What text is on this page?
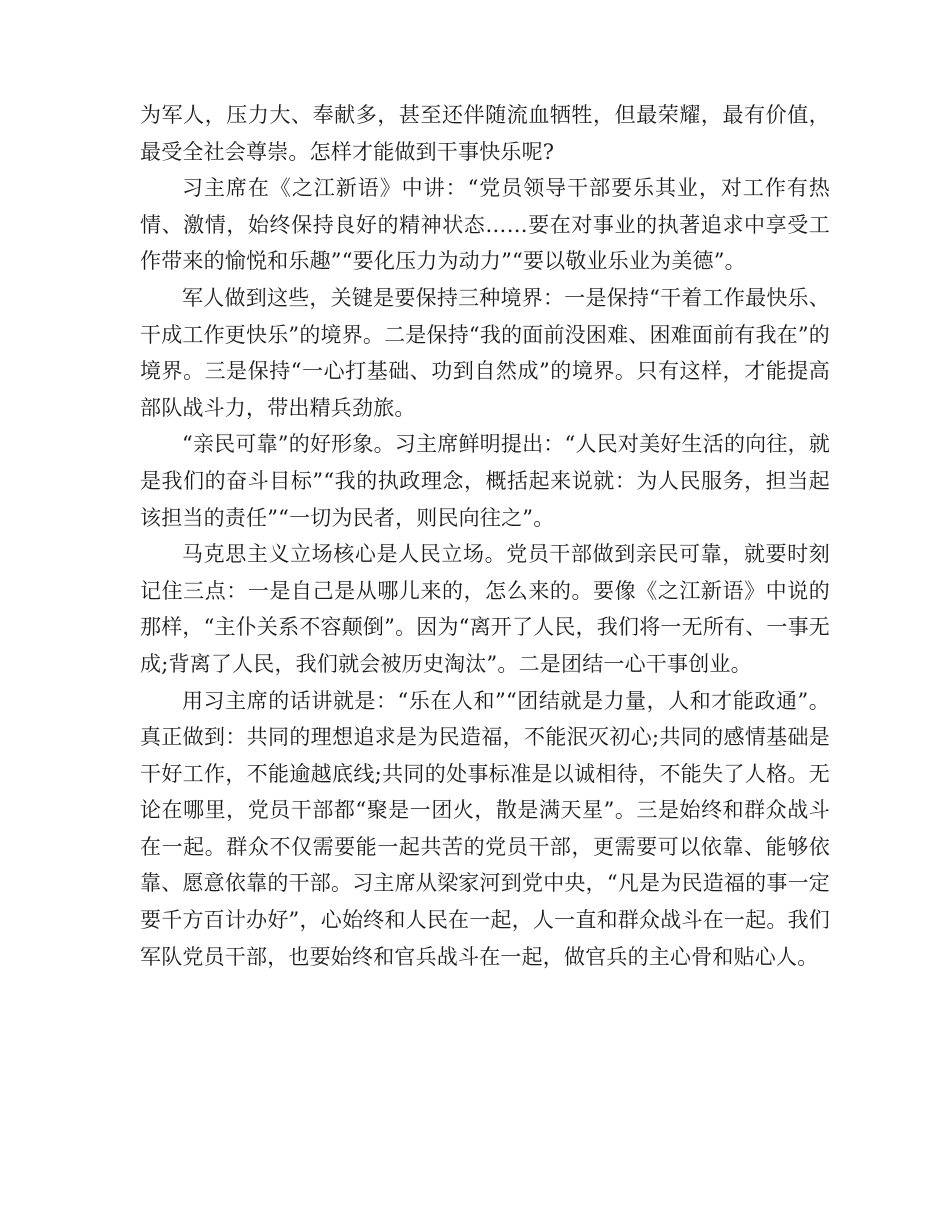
为军人，压力大、奉献多，甚至还伴随流血牺牲，但最荣耀，最有价值，最受全社会尊崇。怎样才能做到干事快乐呢?

习主席在《之江新语》中讲：“党员领导干部要乐其业，对工作有热情、激情，始终保持良好的精神状态……要在对事业的执著追求中享受工作带来的愉悦和乐趣”“要化压力为动力”“要以敬业乐业为美德”。

军人做到这些，关键是要保持三种境界：一是保持“干着工作最快乐、干成工作更快乐”的境界。二是保持“我的面前没困难、困难面前有我在”的境界。三是保持“一心打基础、功到自然成”的境界。只有这样，才能提高部队战斗力，带出精兵劲旅。

“亲民可靠”的好形象。习主席鲜明提出：“人民对美好生活的向往，就是我们的奋斗目标”“我的执政理念，概括起来说就：为人民服务，担当起该担当的责任”“一切为民者，则民向往之”。

马克思主义立场核心是人民立场。党员干部做到亲民可靠，就要时刻记住三点：一是自己是从哪儿来的，怎么来的。要像《之江新语》中说的那样，“主仆关系不容颠倒”。因为“离开了人民，我们将一无所有、一事无成;背离了人民，我们就会被历史淘汰”。二是团结一心干事创业。

用习主席的话讲就是：“乐在人和”“团结就是力量，人和才能政通”。真正做到：共同的理想追求是为民造福，不能泯灭初心;共同的感情基础是干好工作，不能逾越底线;共同的处事标准是以诚相待，不能失了人格。无论在哪里，党员干部都“聚是一团火，散是满天星”。三是始终和群众战斗在一起。群众不仅需要能一起共苦的党员干部，更需要可以依靠、能够依靠、愿意依靠的干部。习主席从梁家河到党中央，“凡是为民造福的事一定要千方百计办好”，心始终和人民在一起，人一直和群众战斗在一起。我们军队党员干部，也要始终和官兵战斗在一起，做官兵的主心骨和贴心人。
